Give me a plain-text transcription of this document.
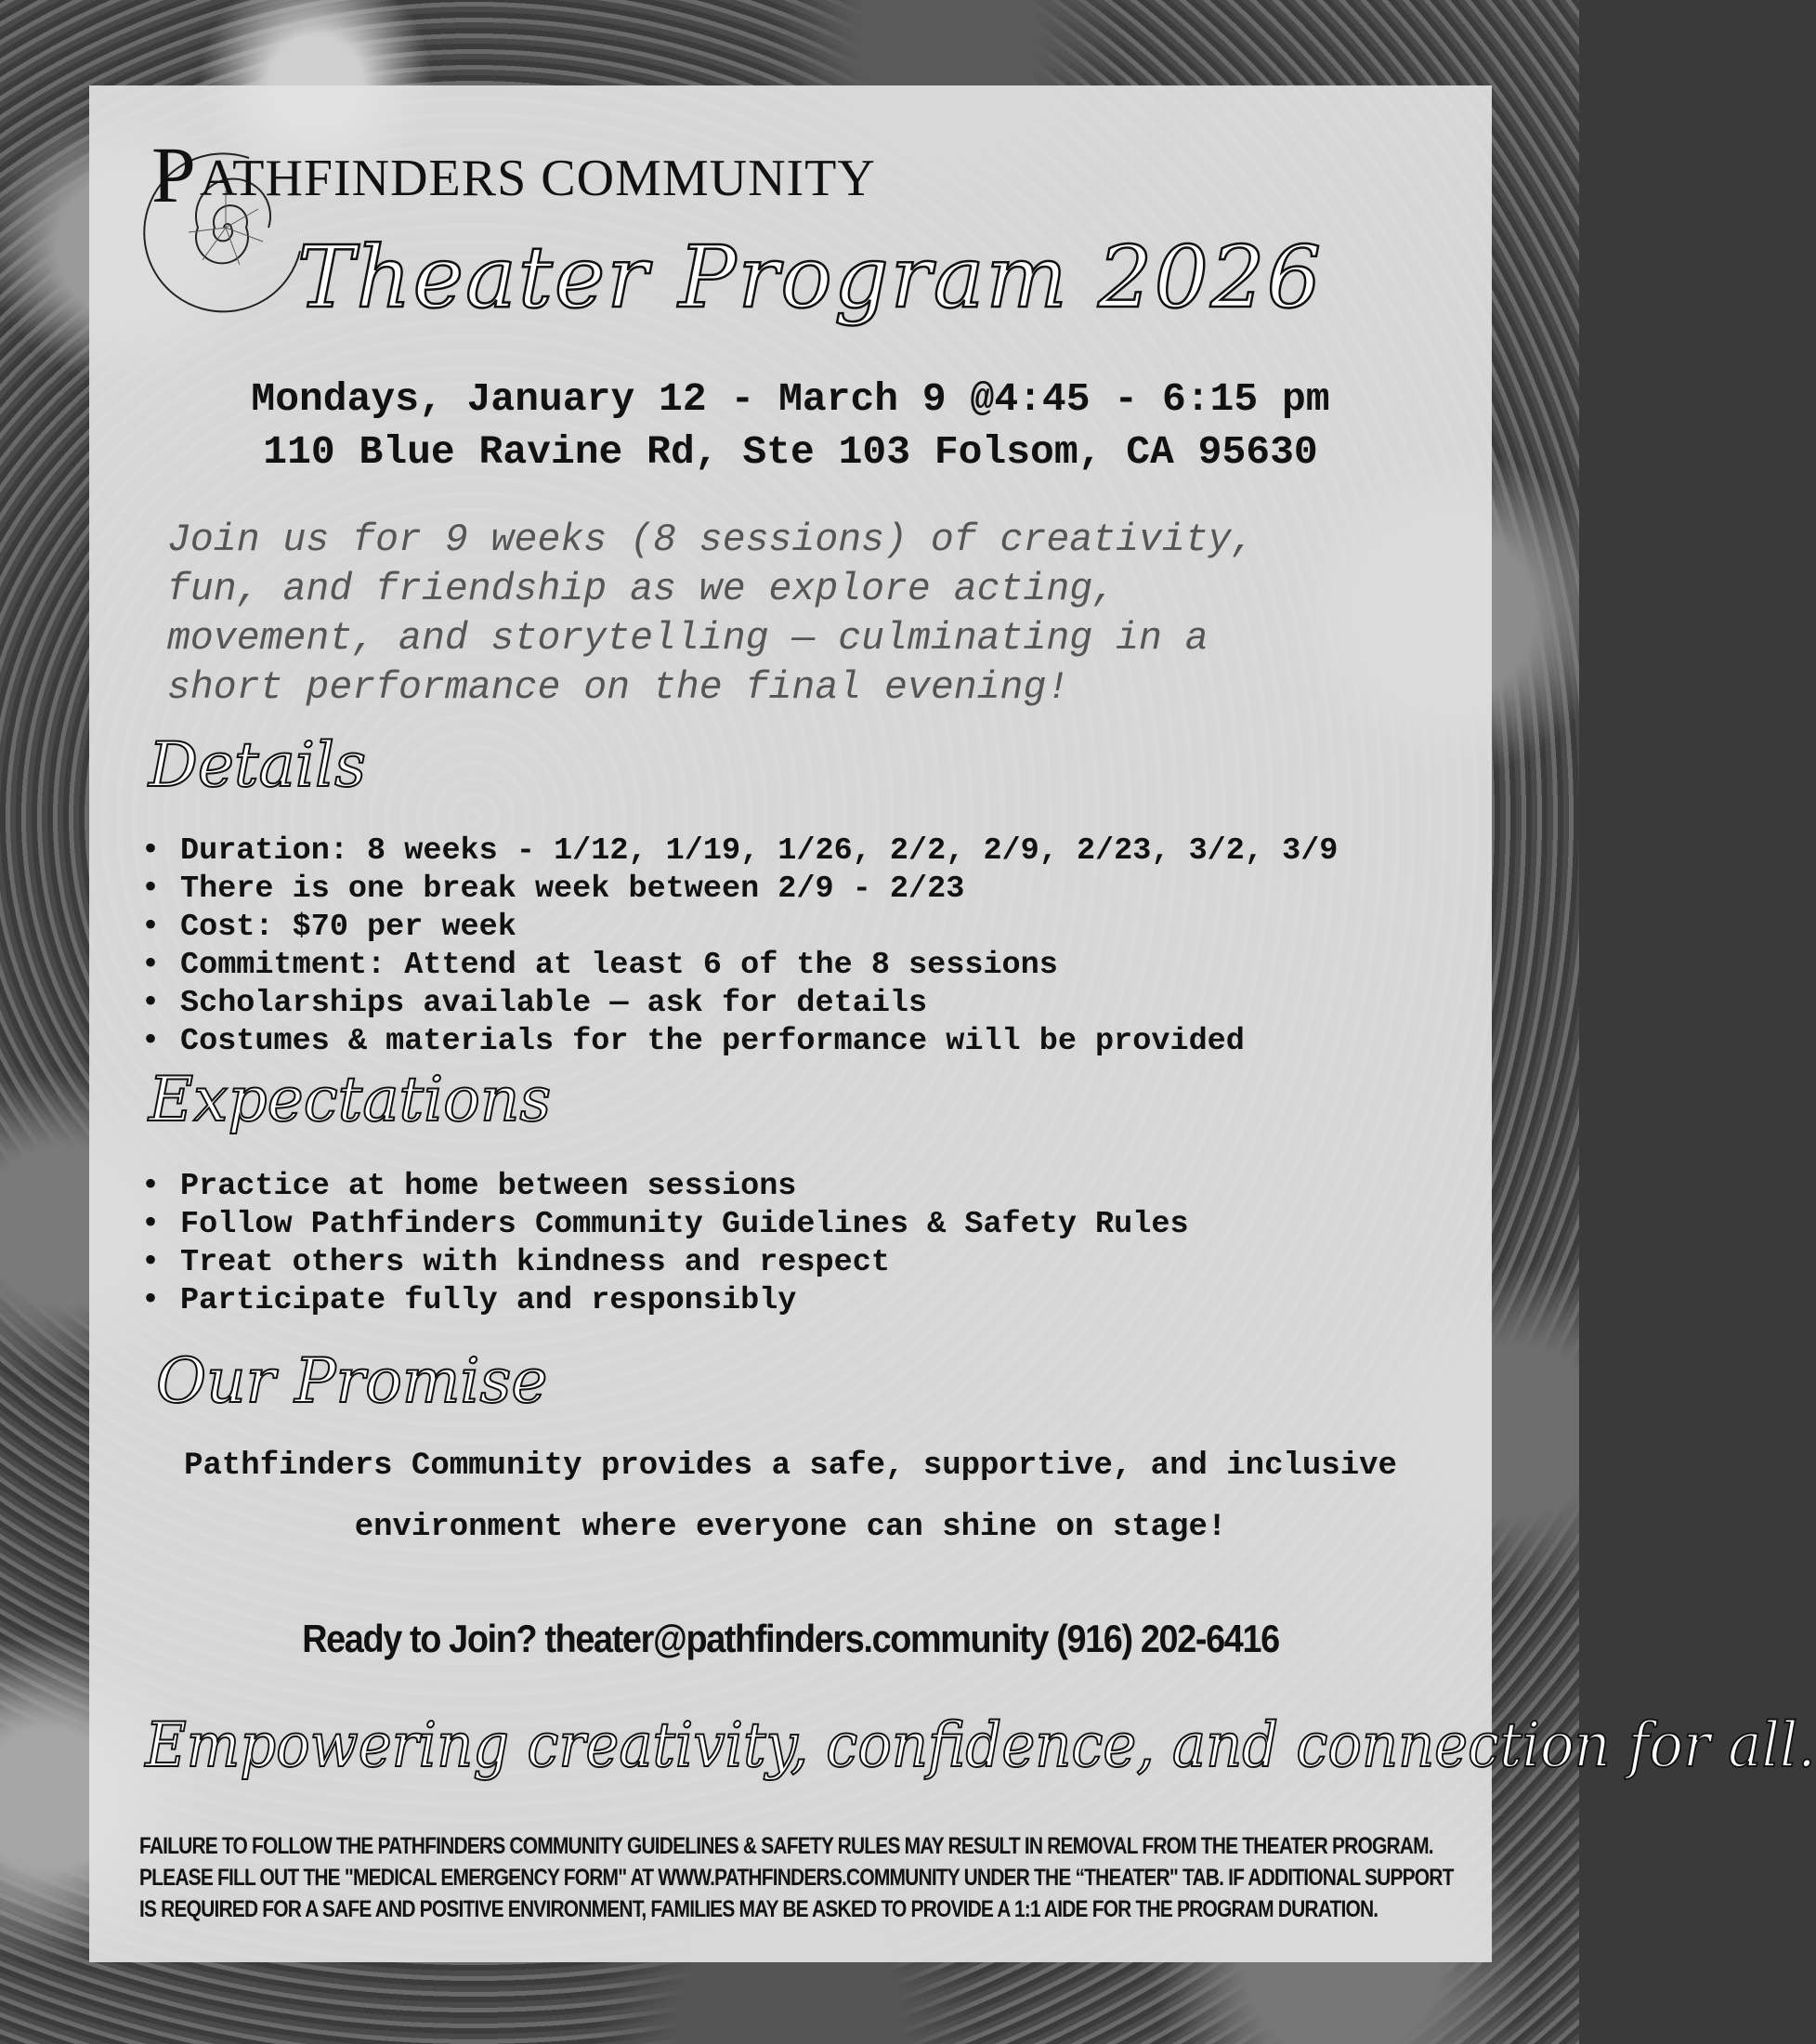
P ATHFINDERS COMMUNITY
Theater Program 2026
Mondays, January 12 - March 9 @4:45 - 6:15 pm
110 Blue Ravine Rd, Ste 103 Folsom, CA 95630
Join us for 9 weeks (8 sessions) of creativity,
fun, and friendship as we explore acting,
movement, and storytelling — culminating in a
short performance on the final evening!
Details
• Duration: 8 weeks - 1/12, 1/19, 1/26, 2/2, 2/9, 2/23, 3/2, 3/9
• There is one break week between 2/9 - 2/23
• Cost: $70 per week
• Commitment: Attend at least 6 of the 8 sessions
• Scholarships available — ask for details
• Costumes & materials for the performance will be provided
Expectations
• Practice at home between sessions
• Follow Pathfinders Community Guidelines & Safety Rules
• Treat others with kindness and respect
• Participate fully and responsibly
Our Promise
Pathfinders Community provides a safe, supportive, and inclusive
environment where everyone can shine on stage!
Ready to Join? theater@pathfinders.community (916) 202-6416
Empowering creativity, confidence, and connection for all.
FAILURE TO FOLLOW THE PATHFINDERS COMMUNITY GUIDELINES & SAFETY RULES MAY RESULT IN REMOVAL FROM THE THEATER PROGRAM.
PLEASE FILL OUT THE "MEDICAL EMERGENCY FORM" AT WWW.PATHFINDERS.COMMUNITY UNDER THE “THEATER" TAB. IF ADDITIONAL SUPPORT
IS REQUIRED FOR A SAFE AND POSITIVE ENVIRONMENT, FAMILIES MAY BE ASKED TO PROVIDE A 1:1 AIDE FOR THE PROGRAM DURATION.
